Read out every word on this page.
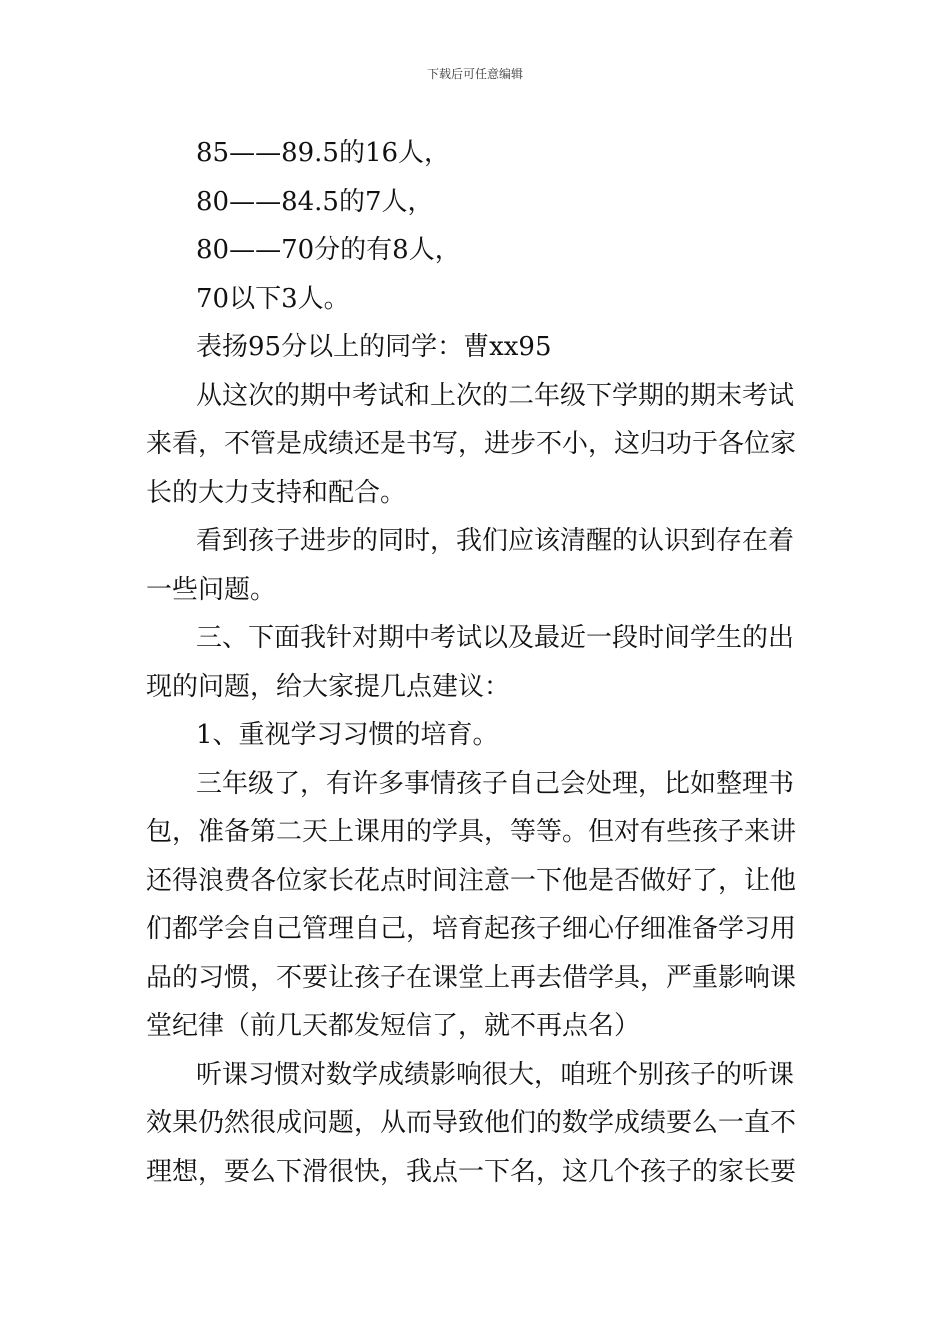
下载后可任意编辑
85——89.5的16人，
80——84.5的7人，
80——70分的有8人，
70以下3人。
表扬95分以上的同学：曹xx95
从这次的期中考试和上次的二年级下学期的期末考试
来看，不管是成绩还是书写，进步不小，这归功于各位家
长的大力支持和配合。
看到孩子进步的同时，我们应该清醒的认识到存在着
一些问题。
三、下面我针对期中考试以及最近一段时间学生的出
现的问题，给大家提几点建议：
1、重视学习习惯的培育。
三年级了，有许多事情孩子自己会处理，比如整理书
包，准备第二天上课用的学具，等等。但对有些孩子来讲
还得浪费各位家长花点时间注意一下他是否做好了，让他
们都学会自己管理自己，培育起孩子细心仔细准备学习用
品的习惯，不要让孩子在课堂上再去借学具，严重影响课
堂纪律（前几天都发短信了，就不再点名）
听课习惯对数学成绩影响很大，咱班个别孩子的听课
效果仍然很成问题，从而导致他们的数学成绩要么一直不
理想，要么下滑很快，我点一下名，这几个孩子的家长要
